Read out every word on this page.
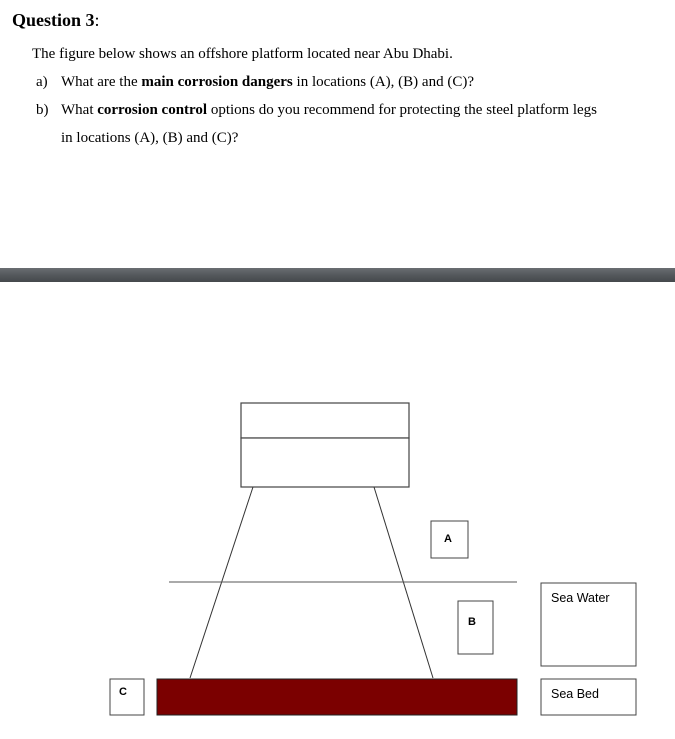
Question 3:
The figure below shows an offshore platform located near Abu Dhabi.
a) What are the main corrosion dangers in locations (A), (B) and (C)?
b) What corrosion control options do you recommend for protecting the steel platform legs
in locations (A), (B) and (C)?
A
B
C
Sea Water
Sea Bed
